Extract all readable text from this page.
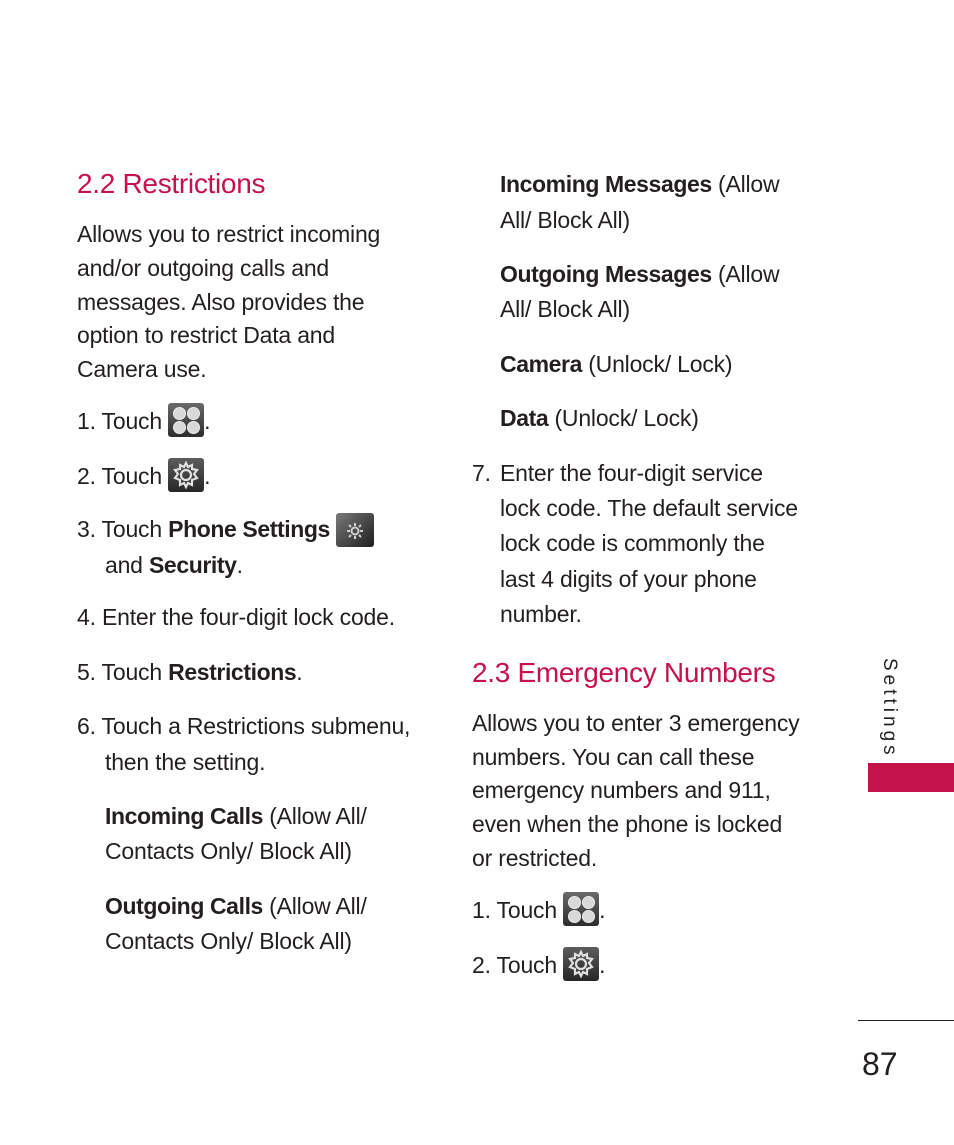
2.2 Restrictions
Allows you to restrict incoming
and/or outgoing calls and
messages. Also provides the
option to restrict Data and
Camera use.
1. Touch .
2. Touch .
3. Touch Phone Settings
and Security.
4. Enter the four-digit lock code.
5. Touch Restrictions.
6. Touch a Restrictions submenu,
then the setting.
Incoming Calls (Allow All/
Contacts Only/ Block All)
Outgoing Calls (Allow All/
Contacts Only/ Block All)
Incoming Messages (Allow
All/ Block All)
Outgoing Messages (Allow
All/ Block All)
Camera (Unlock/ Lock)
Data (Unlock/ Lock)
7. Enter the four-digit service
lock code. The default service
lock code is commonly the
last 4 digits of your phone
number.
2.3 Emergency Numbers
Allows you to enter 3 emergency
numbers. You can call these
emergency numbers and 911,
even when the phone is locked
or restricted.
1. Touch .
2. Touch .
Settings
87
